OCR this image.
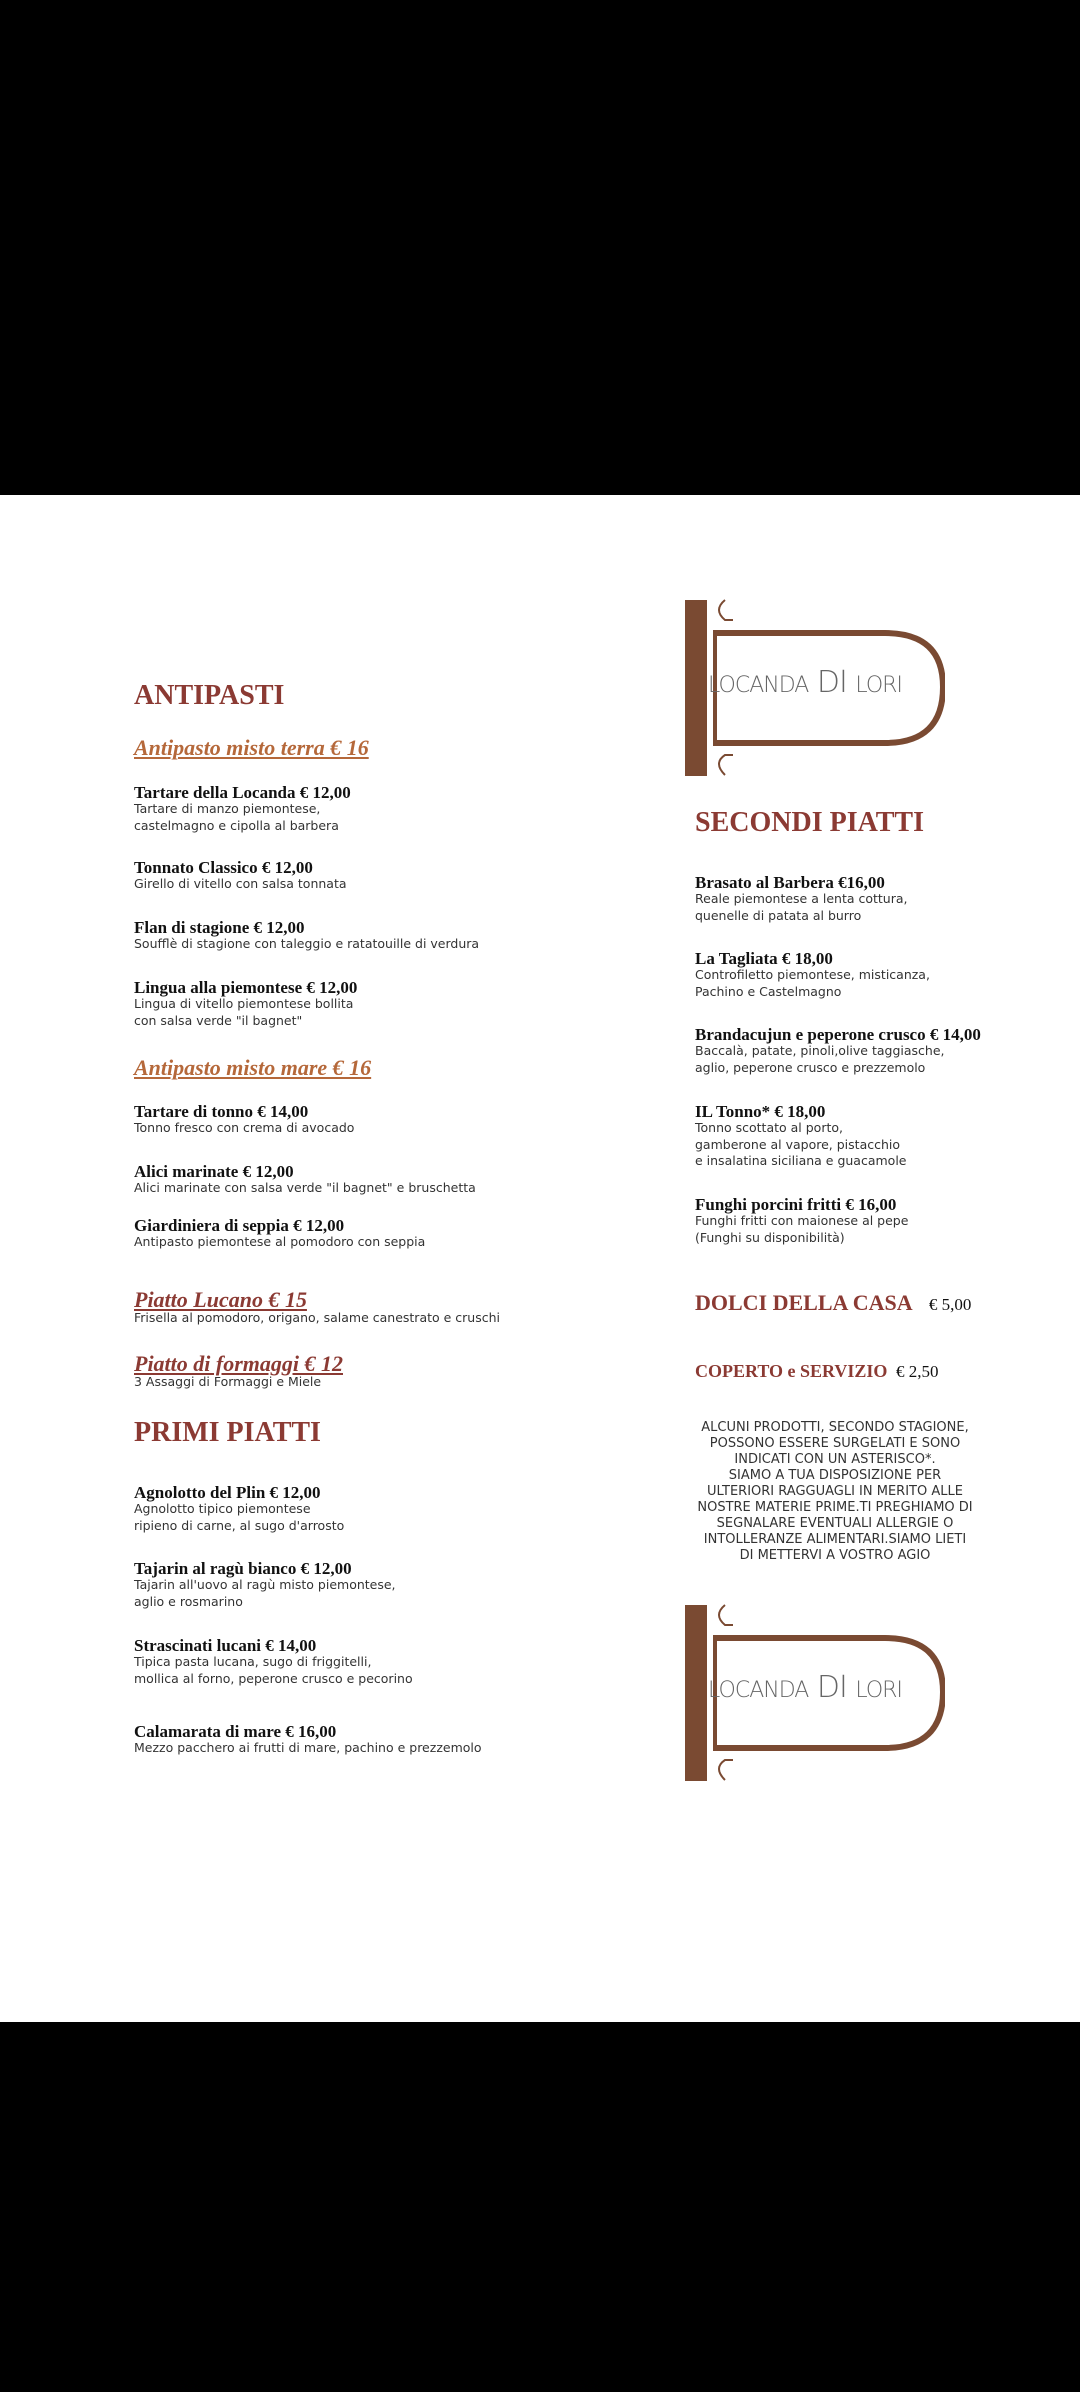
ANTIPASTI
Antipasto misto terra € 16
Tartare della Locanda € 12,00
Tartare di manzo piemontese,
castelmagno e cipolla al barbera
Tonnato Classico € 12,00
Girello di vitello con salsa tonnata
Flan di stagione € 12,00
Soufflè di stagione con taleggio e ratatouille di verdura
Lingua alla piemontese € 12,00
Lingua di vitello piemontese bollita
con salsa verde "il bagnet"
Antipasto misto mare € 16
Tartare di tonno € 14,00
Tonno fresco con crema di avocado
Alici marinate € 12,00
Alici marinate con salsa verde "il bagnet" e bruschetta
Giardiniera di seppia € 12,00
Antipasto piemontese al pomodoro con seppia
Piatto Lucano € 15
Frisella al pomodoro, origano, salame canestrato e cruschi
Piatto di formaggi € 12
3 Assaggi di Formaggi e Miele
PRIMI PIATTI
Agnolotto del Plin € 12,00
Agnolotto tipico piemontese
ripieno di carne, al sugo d'arrosto
Tajarin al ragù bianco € 12,00
Tajarin all'uovo al ragù misto piemontese,
aglio e rosmarino
Strascinati lucani € 14,00
Tipica pasta lucana, sugo di friggitelli,
mollica al forno, peperone crusco e pecorino
Calamarata di mare € 16,00
Mezzo pacchero ai frutti di mare, pachino e prezzemolo
LOCANDA DI LORI
SECONDI PIATTI
Brasato al Barbera €16,00
Reale piemontese a lenta cottura,
quenelle di patata al burro
La Tagliata € 18,00
Controfiletto piemontese, misticanza,
Pachino e Castelmagno
Brandacujun e peperone crusco € 14,00
Baccalà, patate, pinoli,olive taggiasche,
aglio, peperone crusco e prezzemolo
IL Tonno* € 18,00
Tonno scottato al porto,
gamberone al vapore, pistacchio
e insalatina siciliana e guacamole
Funghi porcini fritti € 16,00
Funghi fritti con maionese al pepe
(Funghi su disponibilità)
DOLCI DELLA CASA € 5,00
COPERTO e SERVIZIO € 2,50
ALCUNI PRODOTTI, SECONDO STAGIONE,
POSSONO ESSERE SURGELATI E SONO
INDICATI CON UN ASTERISCO*.
SIAMO A TUA DISPOSIZIONE PER
ULTERIORI RAGGUAGLI IN MERITO ALLE
NOSTRE MATERIE PRIME.TI PREGHIAMO DI
SEGNALARE EVENTUALI ALLERGIE O
INTOLLERANZE ALIMENTARI.SIAMO LIETI
DI METTERVI A VOSTRO AGIO
LOCANDA DI LORI
